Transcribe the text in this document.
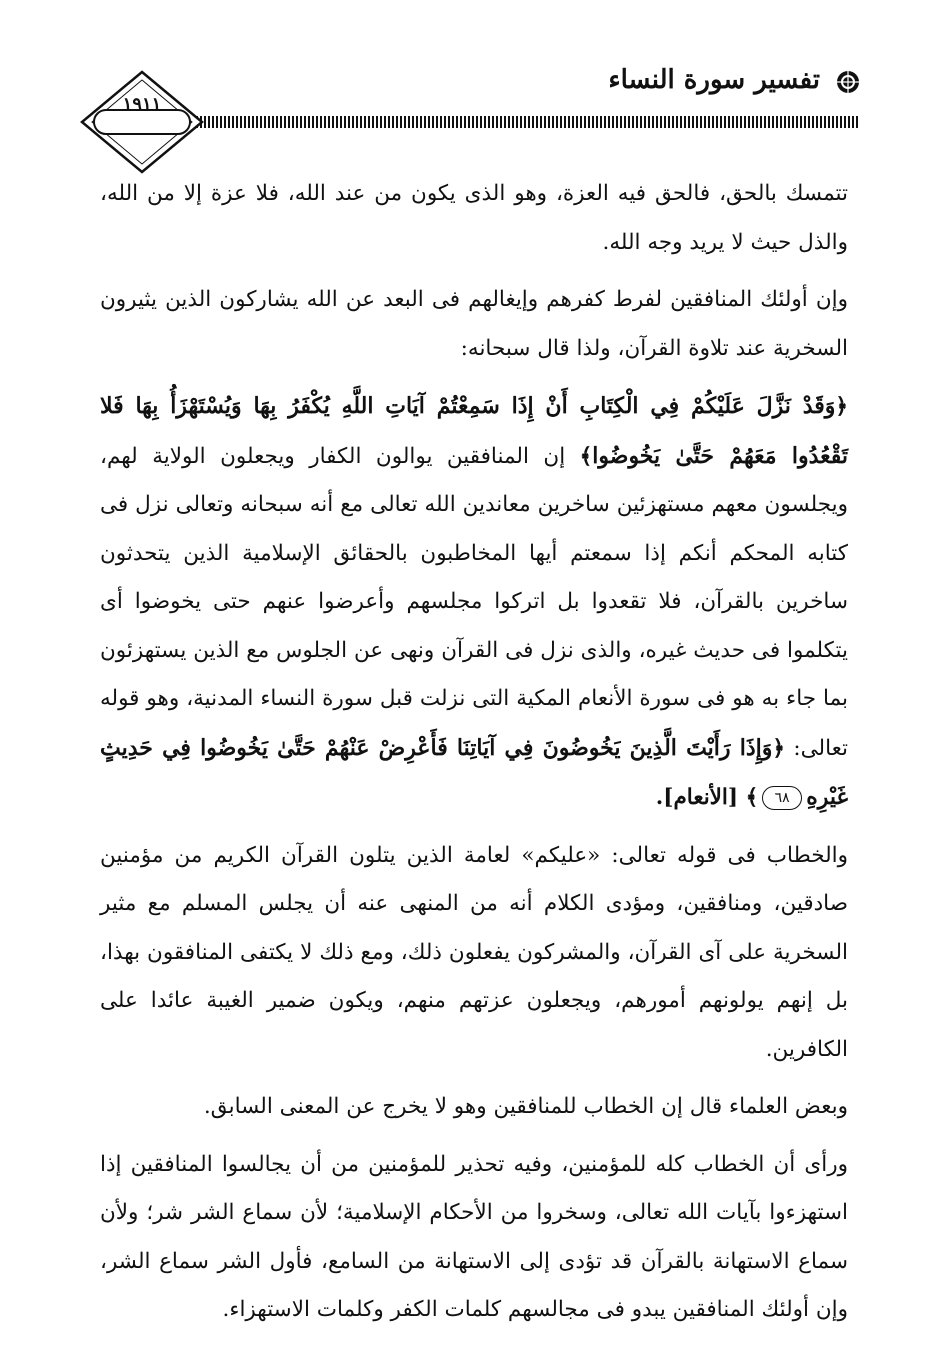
تفسير سورة النساء
١٩١١

تتمسك بالحق، فالحق فيه العزة، وهو الذى يكون من عند الله، فلا عزة إلا من الله، والذل حيث لا يريد وجه الله.

وإن أولئك المنافقين لفرط كفرهم وإيغالهم فى البعد عن الله يشاركون الذين يثيرون السخرية عند تلاوة القرآن، ولذا قال سبحانه:

﴿وَقَدْ نَزَّلَ عَلَيْكُمْ فِي الْكِتَابِ أَنْ إِذَا سَمِعْتُمْ آيَاتِ اللَّهِ يُكْفَرُ بِهَا وَيُسْتَهْزَأُ بِهَا فَلا تَقْعُدُوا مَعَهُمْ حَتَّىٰ يَخُوضُوا﴾ إن المنافقين يوالون الكفار ويجعلون الولاية لهم، ويجلسون معهم مستهزئين ساخرين معاندين الله تعالى مع أنه سبحانه وتعالى نزل فى كتابه المحكم أنكم إذا سمعتم أيها المخاطبون بالحقائق الإسلامية الذين يتحدثون ساخرين بالقرآن، فلا تقعدوا بل اتركوا مجلسهم وأعرضوا عنهم حتى يخوضوا أى يتكلموا فى حديث غيره، والذى نزل فى القرآن ونهى عن الجلوس مع الذين يستهزئون بما جاء به هو فى سورة الأنعام المكية التى نزلت قبل سورة النساء المدنية، وهو قوله تعالى: ﴿وَإِذَا رَأَيْتَ الَّذِينَ يَخُوضُونَ فِي آيَاتِنَا فَأَعْرِضْ عَنْهُمْ حَتَّىٰ يَخُوضُوا فِي حَدِيثٍ غَيْرِهِ٦٨﴾ [الأنعام].

والخطاب فى قوله تعالى: «عليكم» لعامة الذين يتلون القرآن الكريم من مؤمنين صادقين، ومنافقين، ومؤدى الكلام أنه من المنهى عنه أن يجلس المسلم مع مثير السخرية على آى القرآن، والمشركون يفعلون ذلك، ومع ذلك لا يكتفى المنافقون بهذا، بل إنهم يولونهم أمورهم، ويجعلون عزتهم منهم، ويكون ضمير الغيبة عائدا على الكافرين.

وبعض العلماء قال إن الخطاب للمنافقين وهو لا يخرج عن المعنى السابق.

ورأى أن الخطاب كله للمؤمنين، وفيه تحذير للمؤمنين من أن يجالسوا المنافقين إذا استهزءوا بآيات الله تعالى، وسخروا من الأحكام الإسلامية؛ لأن سماع الشر شر؛ ولأن سماع الاستهانة بالقرآن قد تؤدى إلى الاستهانة من السامع، فأول الشر سماع الشر، وإن أولئك المنافقين يبدو فى مجالسهم كلمات الكفر وكلمات الاستهزاء.
